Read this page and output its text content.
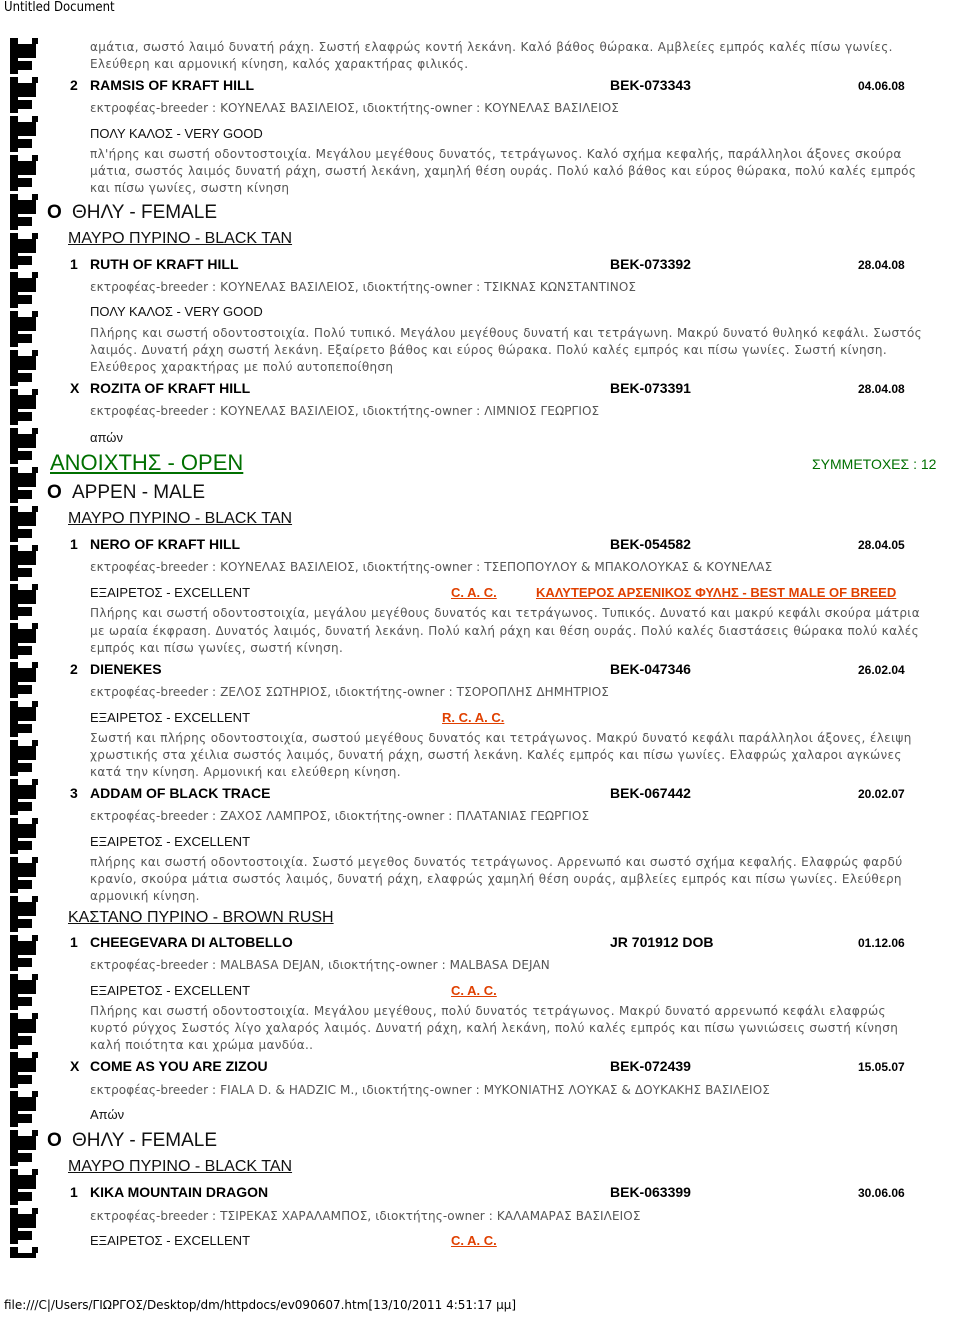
Untitled Document
αμάτια, σωστό λαιμό δυνατή ράχη. Σωστή ελαφρώς κοντή λεκάνη. Καλό βάθος θώρακα. Αμβλείες εμπρός καλές πίσω γωνίες.
Ελεύθερη και αρμονική κίνηση, καλός χαρακτήρας φιλικός.
2 RAMSIS OF KRAFT HILL	BEK-073343	04.06.08
εκτροφέας-breeder : ΚΟΥΝΕΛΑΣ ΒΑΣΙΛΕΙΟΣ, ιδιοκτήτης-owner : ΚΟΥΝΕΛΑΣ ΒΑΣΙΛΕΙΟΣ
ΠΟΛΥ ΚΑΛΟΣ - VERY GOOD
πλ'ήρης και σωστή οδοντοστοιχία. Μεγάλου μεγέθους δυνατός, τετράγωνος. Καλό σχήμα κεφαλής, παράλληλοι άξονες σκούρα
μάτια, σωστός λαιμός δυνατή ράχη, σωστή λεκάνη, χαμηλή θέση ουράς. Πολύ καλό βάθος και εύρος θώρακα, πολύ καλές εμπρός
και πίσω γωνίες, σωστη κίνηση
O ΘΗΛΥ - FEMALE
ΜΑΥΡΟ ΠΥΡΙΝΟ - BLACK TAN
1 RUTH OF KRAFT HILL	BEK-073392	28.04.08
εκτροφέας-breeder : ΚΟΥΝΕΛΑΣ ΒΑΣΙΛΕΙΟΣ, ιδιοκτήτης-owner : ΤΣΙΚΝΑΣ ΚΩΝΣΤΑΝΤΙΝΟΣ
ΠΟΛΥ ΚΑΛΟΣ - VERY GOOD
Πλήρης και σωστή οδοντοστοιχία. Πολύ τυπικό. Μεγάλου μεγέθους δυνατή και τετράγωνη. Μακρύ δυνατό θυληκό κεφάλι. Σωστός
λαιμός. Δυνατή ράχη σωστή λεκάνη. Εξαίρετο βάθος και εύρος θώρακα. Πολύ καλές εμπρός και πίσω γωνίες. Σωστή κίνηση.
Ελεύθερος χαρακτήρας με πολύ αυτοπεποίθηση
X ROZITA OF KRAFT HILL	BEK-073391	28.04.08
εκτροφέας-breeder : ΚΟΥΝΕΛΑΣ ΒΑΣΙΛΕΙΟΣ, ιδιοκτήτης-owner : ΛΙΜΝΙΟΣ ΓΕΩΡΓΙΟΣ
απών
ΑΝΟΙΧΤΗΣ - OPEN	ΣΥΜΜΕΤΟΧΕΣ : 12
O ΑΡΡΕΝ - MALE
ΜΑΥΡΟ ΠΥΡΙΝΟ - BLACK TAN
1 NERO OF KRAFT HILL	BEK-054582	28.04.05
εκτροφέας-breeder : ΚΟΥΝΕΛΑΣ ΒΑΣΙΛΕΙΟΣ, ιδιοκτήτης-owner : ΤΣΕΠΟΠΟΥΛΟΥ & ΜΠΑΚΟΛΟΥΚΑΣ & ΚΟΥΝΕΛΑΣ
ΕΞΑΙΡΕΤΟΣ - EXCELLENT	C. A. C.	ΚΑΛΥΤΕΡΟΣ ΑΡΣΕΝΙΚΟΣ ΦΥΛΗΣ - BEST MALE OF BREED
Πλήρης και σωστή οδοντοστοιχία, μεγάλου μεγέθους δυνατός και τετράγωνος. Τυπικός. Δυνατό και μακρύ κεφάλι σκούρα μάτρια
με ωραία έκφραση. Δυνατός λαιμός, δυνατή λεκάνη. Πολύ καλή ράχη και θέση ουράς. Πολύ καλές διαστάσεις θώρακα πολύ καλές
εμπρός και πίσω γωνίες, σωστή κίνηση.
2 DIENEKES	BEK-047346	26.02.04
εκτροφέας-breeder : ΖΕΛΟΣ ΣΩΤΗΡΙΟΣ, ιδιοκτήτης-owner : ΤΣΟΡΟΠΛΗΣ ΔΗΜΗΤΡΙΟΣ
ΕΞΑΙΡΕΤΟΣ - EXCELLENT	R. C. A. C.
Σωστή και πλήρης οδοντοστοιχία, σωστού μεγέθους δυνατός και τετράγωνος. Μακρύ δυνατό κεφάλι παράλληλοι άξονες, έλειψη
χρωστικής στα χέιλια σωστός λαιμός, δυνατή ράχη, σωστή λεκάνη. Καλές εμπρός και πίσω γωνίες. Ελαφρώς χαλαροι αγκώνες
κατά την κίνηση. Αρμονική και ελεύθερη κίνηση.
3 ADDAM OF BLACK TRACE	BEK-067442	20.02.07
εκτροφέας-breeder : ΖΑΧΟΣ ΛΑΜΠΡΟΣ, ιδιοκτήτης-owner : ΠΛΑΤΑΝΙΑΣ ΓΕΩΡΓΙΟΣ
ΕΞΑΙΡΕΤΟΣ - EXCELLENT
πλήρης και σωστή οδοντοστοιχία. Σωστό μεγεθος δυνατός τετράγωνος. Αρρενωπό και σωστό σχήμα κεφαλής. Ελαφρώς φαρδύ
κρανίο, σκούρα μάτια σωστός λαιμός, δυνατή ράχη, ελαφρώς χαμηλή θέση ουράς, αμβλείες εμπρός και πίσω γωνίες. Ελεύθερη
αρμονική κίνηση.
ΚΑΣΤΑΝΟ ΠΥΡΙΝΟ - BROWN RUSH
1 CHEEGEVARA DI ALTOBELLO	JR 701912 DOB	01.12.06
εκτροφέας-breeder : MALBASA DEJAN, ιδιοκτήτης-owner : MALBASA DEJAN
ΕΞΑΙΡΕΤΟΣ - EXCELLENT	C. A. C.
Πλήρης και σωστή οδοντοστοιχία. Μεγάλου μεγέθους, πολύ δυνατός τετράγωνος. Μακρύ δυνατό αρρενωπό κεφάλι ελαφρώς
κυρτό ρύγχος Σωστός λίγο χαλαρός λαιμός. Δυνατή ράχη, καλή λεκάνη, πολύ καλές εμπρός και πίσω γωνιώσεις σωστή κίνηση
καλή ποιότητα και χρώμα μανδύα..
X COME AS YOU ARE ZIZOU	BEK-072439	15.05.07
εκτροφέας-breeder : FIALA D. & HADZIC M., ιδιοκτήτης-owner : ΜΥΚΟΝΙΑΤΗΣ ΛΟΥΚΑΣ & ΔΟΥΚΑΚΗΣ ΒΑΣΙΛΕΙΟΣ
Απών
O ΘΗΛΥ - FEMALE
ΜΑΥΡΟ ΠΥΡΙΝΟ - BLACK TAN
1 KIKA MOUNTAIN DRAGON	BEK-063399	30.06.06
εκτροφέας-breeder : ΤΣΙΡΕΚΑΣ ΧΑΡΑΛΑΜΠΟΣ, ιδιοκτήτης-owner : ΚΑΛΑΜΑΡΑΣ ΒΑΣΙΛΕΙΟΣ
ΕΞΑΙΡΕΤΟΣ - EXCELLENT	C. A. C.
file:///C|/Users/ΓΙΩΡΓΟΣ/Desktop/dm/httpdocs/ev090607.htm[13/10/2011 4:51:17 μμ]
